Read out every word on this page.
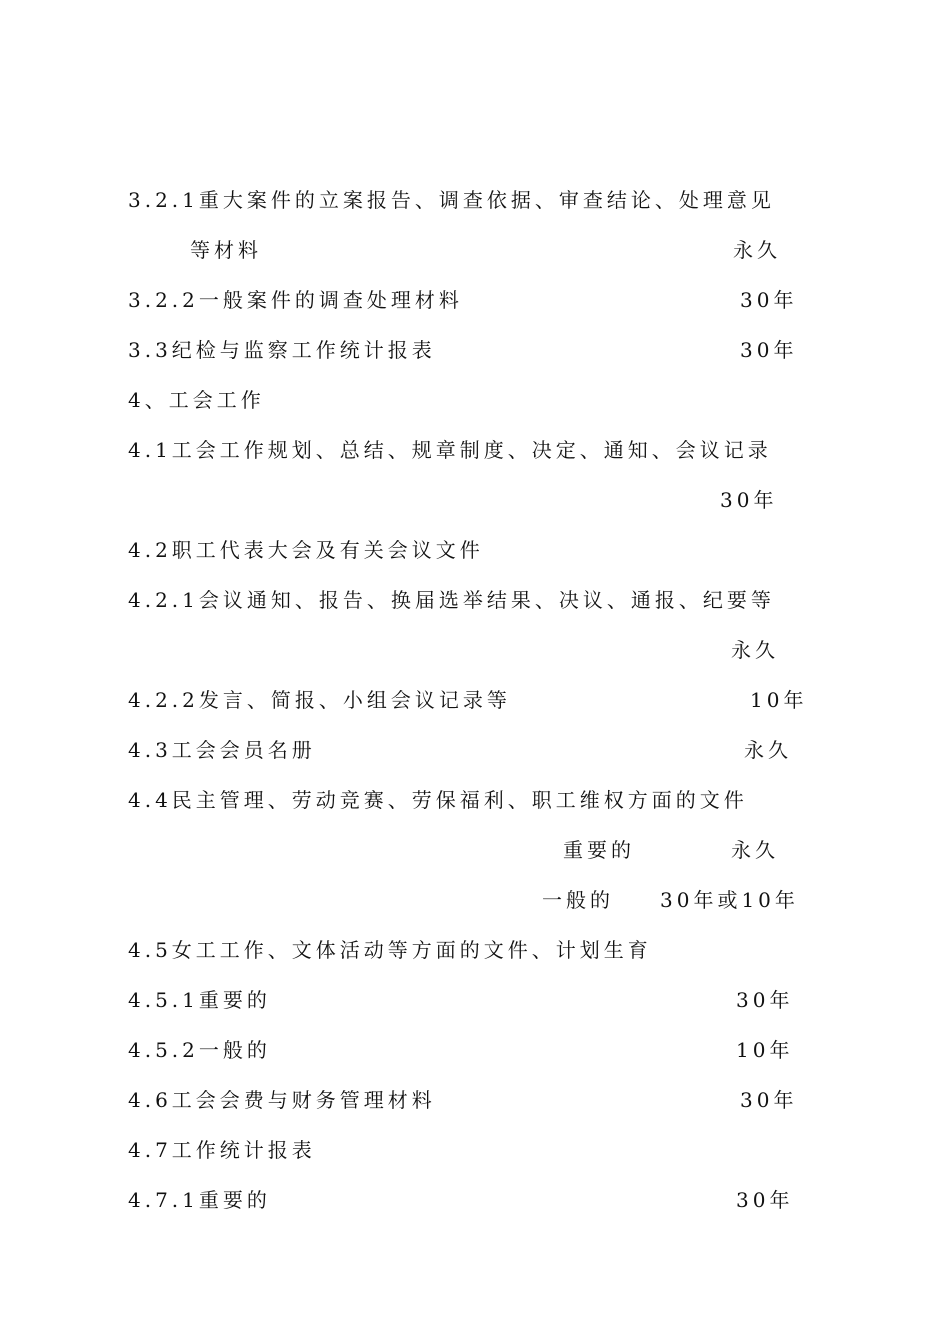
3.2.1重大案件的立案报告、调查依据、审查结论、处理意见
等材料	永久
3.2.2一般案件的调查处理材料	30年
3.3纪检与监察工作统计报表	30年
4、工会工作
4.1工会工作规划、总结、规章制度、决定、通知、会议记录
30年
4.2职工代表大会及有关会议文件
4.2.1会议通知、报告、换届选举结果、决议、通报、纪要等
永久
4.2.2发言、简报、小组会议记录等	10年
4.3工会会员名册	永久
4.4民主管理、劳动竞赛、劳保福利、职工维权方面的文件
重要的	永久
一般的 30年或10年
4.5女工工作、文体活动等方面的文件、计划生育
4.5.1重要的	30年
4.5.2一般的	10年
4.6工会会费与财务管理材料	30年
4.7工作统计报表
4.7.1重要的	30年
